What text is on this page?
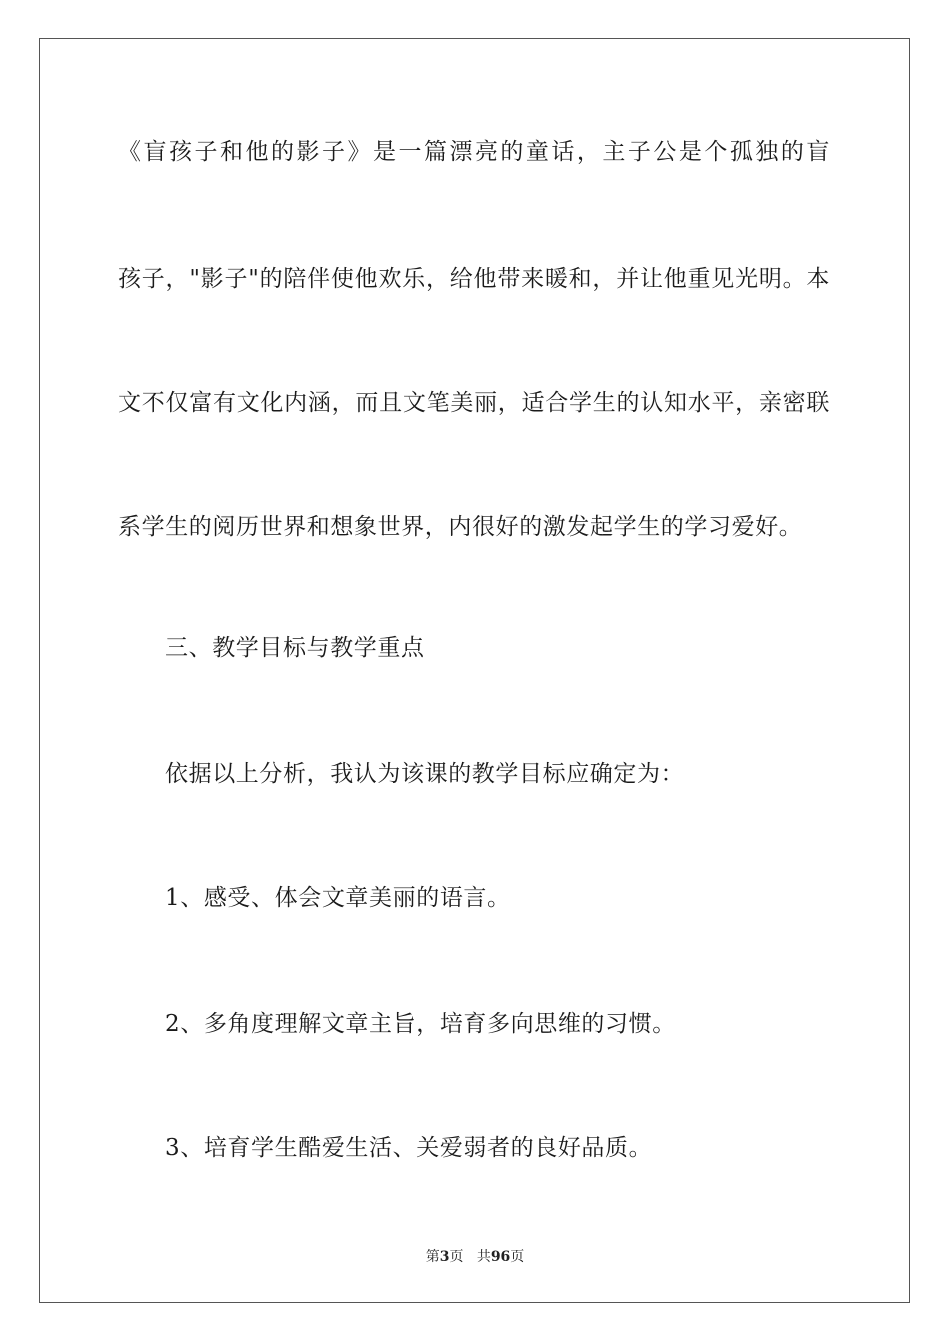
《盲孩子和他的影子》是一篇漂亮的童话，主子公是个孤独的盲
孩子，"影子"的陪伴使他欢乐，给他带来暖和，并让他重见光明。本
文不仅富有文化内涵，而且文笔美丽，适合学生的认知水平，亲密联
系学生的阅历世界和想象世界，内很好的激发起学生的学习爱好。
三、教学目标与教学重点
依据以上分析，我认为该课的教学目标应确定为：
1、感受、体会文章美丽的语言。
2、多角度理解文章主旨，培育多向思维的习惯。
3、培育学生酷爱生活、关爱弱者的良好品质。
第3页 共96页
